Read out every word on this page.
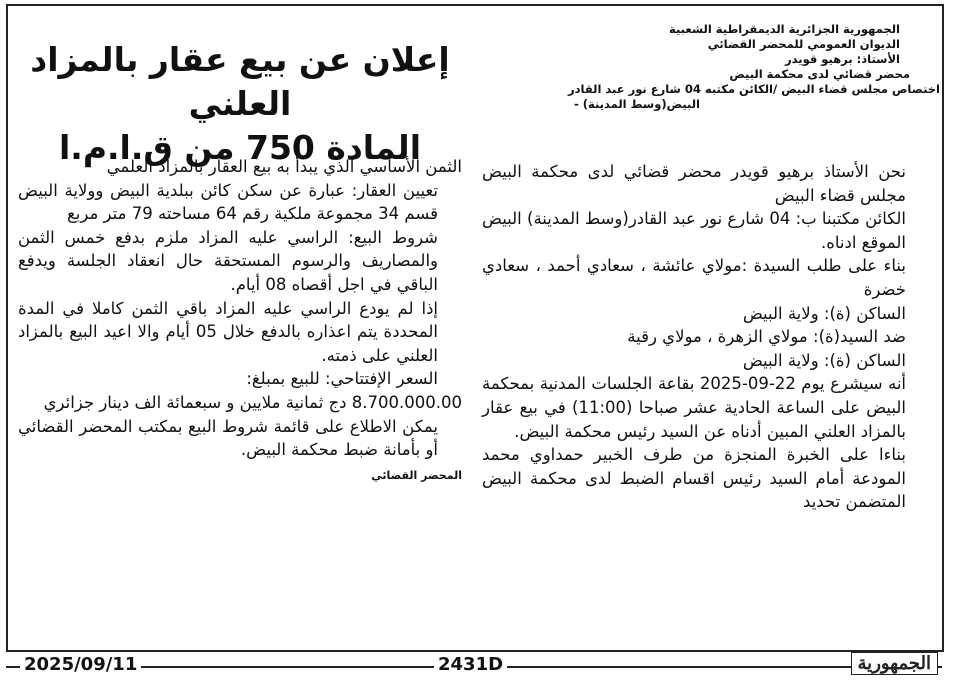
الجمهورية الجزائرية الديمقراطية الشعبية
الديوان العمومي للمحضر القضائي
الأستاذ: برهيو قويدر
محضر قضائي لدى محكمة البيض
اختصاص مجلس قضاء البيض /الكائن مكتبه 04 شارع نور عبد القادر
البيض(وسط المدينة) -
إعلان عن بيع عقار بالمزاد العلني
المادة 750 من ق.ا.م.ا

نحن الأستاذ برهيو قويدر محضر قضائي لدى محكمة البيض مجلس قضاء البيض

الكائن مكتبنا ب: 04 شارع نور عبد القادر(وسط المدينة) البيض الموقع ادناه.

بناء على طلب السيدة :مولاي عائشة ، سعادي أحمد ، سعادي خضرة

الساكن (ة): ولاية البيض

ضد السيد(ة): مولاي الزهرة ، مولاي رقية

الساكن (ة): ولاية البيض

أنه سيشرع يوم 22-09-2025 بقاعة الجلسات المدنية بمحكمة البيض على الساعة الحادية عشر صباحا (11:00) في بيع عقار بالمزاد العلني المبين أدناه عن السيد رئيس محكمة البيض.

بناءا على الخبرة المنجزة من طرف الخبير حمداوي محمد المودعة أمام السيد رئيس اقسام الضبط لدى محكمة البيض المتضمن تحديد

الثمن الأساسي الذي يبدأ به بيع العقار بالمزاد العلمي

تعيين العقار: عبارة عن سكن كائن ببلدية البيض وولاية البيض قسم 34 مجموعة ملكية رقم 64 مساحته 79 متر مربع

شروط البيع: الراسي عليه المزاد ملزم بدفع خمس الثمن والمصاريف والرسوم المستحقة حال انعقاد الجلسة ويدفع الباقي في اجل أقصاه 08 أيام.

إذا لم يودع الراسي عليه المزاد باقي الثمن كاملا في المدة المحددة يتم اعذاره بالدفع خلال 05 أيام والا اعيد البيع بالمزاد العلني على ذمته.

السعر الإفتتاحي: للبيع بمبلغ:

8.700.000.00 دج ثمانية ملايين و سبعمائة الف دينار جزائري

يمكن الاطلاع على قائمة شروط البيع بمكتب المحضر القضائي أو بأمانة ضبط محكمة البيض.

المحضر القضائي
2025/09/11	2431D	الجمهورية
